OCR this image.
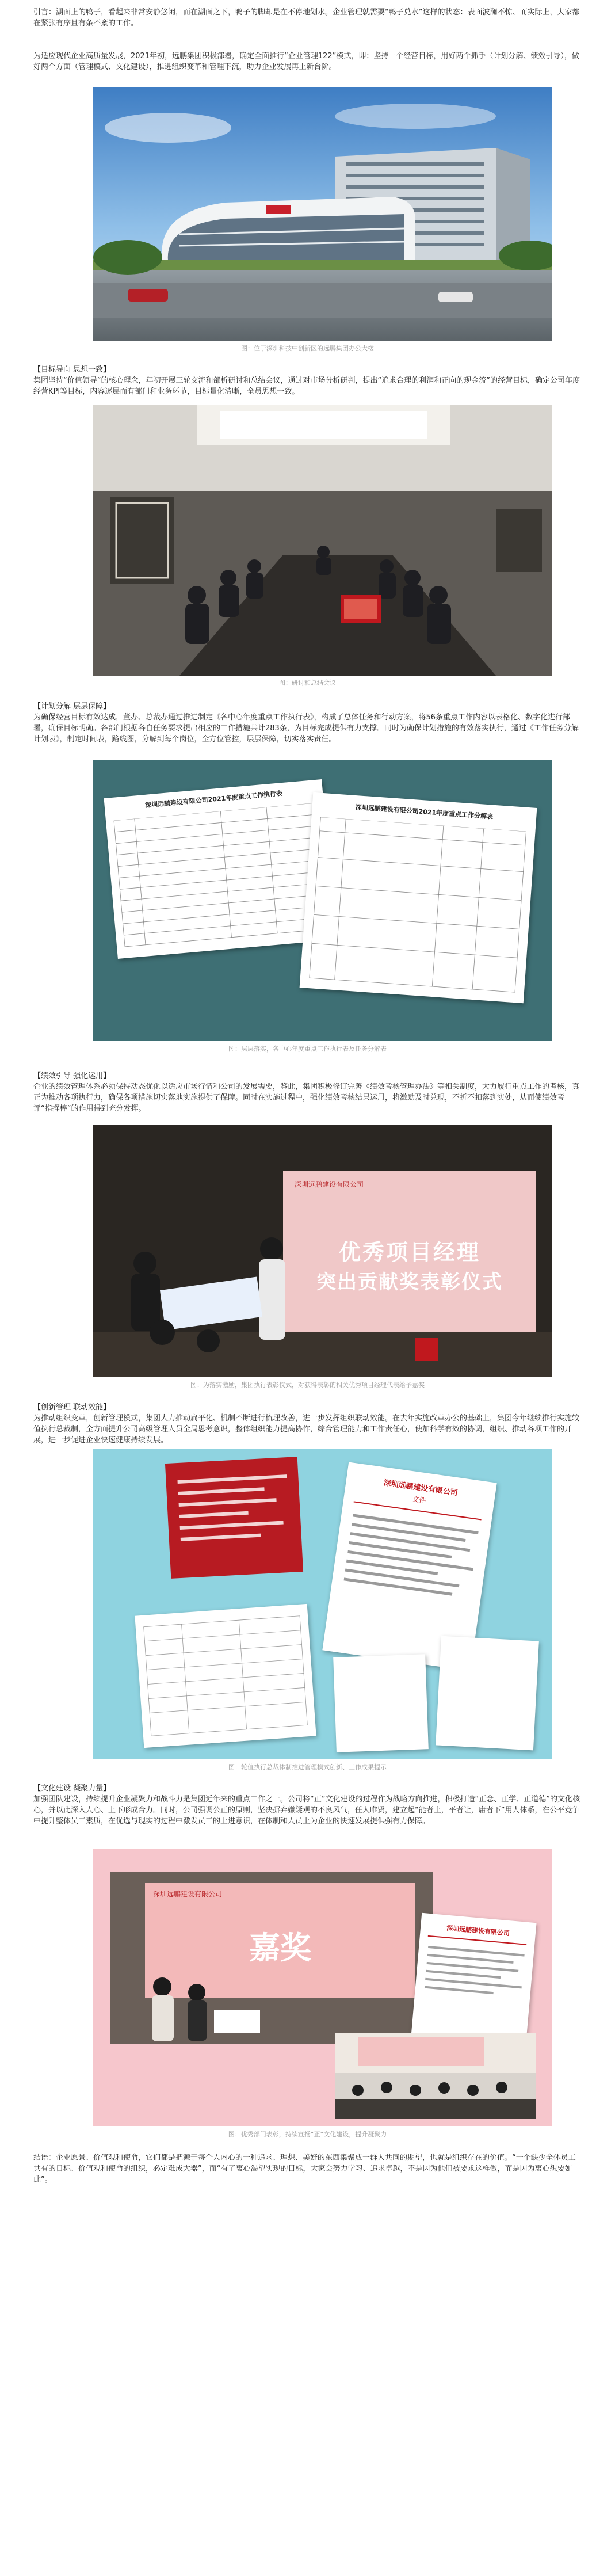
引言：湖面上的鸭子，看起来非常安静悠闲，而在湖面之下，鸭子的脚却是在不停地划水。企业管理就需要“鸭子兑水”这样的状态：表面波澜不惊、而实际上，大家都在紧张有序且有条不紊的工作。

为适应现代企业高质量发展，2021年初，远鹏集团积极部署，确定全面推行“企业管理122”模式，即：坚持一个经营目标，用好两个抓手（计划分解、绩效引导），做好两个方面（管理模式、文化建设），推进组织变革和管理下沉，助力企业发展再上新台阶。

图：位于深圳科技中创新区的远鹏集团办公大楼

【目标导向 思想一致】

集团坚持“价值领导”的核心理念，年初开展三轮交流和部析研讨和总结会议，通过对市场分析研判，提出“追求合理的利润和正向的现金流”的经营目标，确定公司年度经营KPI等目标，内容逐层而有部门和业务环节，目标量化清晰，全员思想一致。

图：研讨和总结会议

【计划分解 层层保障】

为确保经营目标有效达成，董办、总裁办通过推进制定《各中心年度重点工作执行表》，构成了总体任务和行动方案，将56条重点工作内容以表格化、数字化进行部署，确保目标明确。各部门根据各自任务要求提出相应的工作措施共计283条，为目标完成提供有力支撑。同时为确保计划措施的有效落实执行，通过《工作任务分解计划表》，制定时间表，路线图，分解到每个岗位，全方位管控，层层保障，切实落实责任。

深圳远鹏建设有限公司2021年度重点工作执行表
深圳远鹏建设有限公司2021年度重点工作分解表
图：层层落实，各中心年度重点工作执行表及任务分解表

【绩效引导 强化运用】

企业的绩效管理体系必须保持动态优化以适应市场行情和公司的发展需要，鉴此，集团积极修订完善《绩效考核管理办法》等相关制度，大力履行重点工作的考核，真正为推动各项执行力，确保各项措施切实落地实施提供了保障。同时在实施过程中，强化绩效考核结果运用，将激励及时兑现，不折不扣落到实处，从而使绩效考评“指挥棒”的作用得到充分发挥。

深圳远鹏建设有限公司
优秀项目经理
突出贡献奖表彰仪式
图：为落实激励，集团执行表彰仪式，对获得表彰的相关优秀项目经理代表给予嘉奖

【创新管理 联动效能】

为推动组织变革，创新管理模式，集团大力推动扁平化、机制不断进行梳理改善，进一步发挥组织联动效能。在去年实施改革办公的基础上，集团今年继续推行实施较值执行总裁制，全方面提升公司高级管理人员全局思考意识，整体组织能力提高协作，综合管理能力和工作责任心，使加科学有效的协调，组织、推动各项工作的开展，进一步促进企业快速健康持续发展。

深圳远鹏建设有限公司
文件
图：轮值执行总裁体制推进管理模式创新、工作成果提示

【文化建设 凝聚力量】

加强团队建设，持续提升企业凝聚力和战斗力是集团近年来的重点工作之一。公司将“正”文化建设的过程作为战略方向推进，积极打造“正念、正学、正道德”的文化核心，并以此深入人心、上下形成合力。同时，公司强调公正的原则，坚决摒弃嫌疑观的不良风气，任人唯贤，建立起“能者上，平者让，庸者下”用人体系，在公平竞争中提升整体员工素质，在优选与现实的过程中激发员工的上进意识，在体制和人员上为企业的快速发展提供强有力保障。

深圳远鹏建设有限公司
嘉奖	深圳远鹏建设有限公司
图：优秀部门表彰，持续宣扬“正”文化建设，提升凝聚力

结语：企业愿景、价值观和使命，它们都是把源于每个人内心的一种追求、理想、美好的东西集聚成一群人共同的期望，也就是组织存在的价值。“一个缺少全体员工共有的目标、价值观和使命的组织，必定难成大器”，而“有了衷心渴望实现的目标，大家会努力学习、追求卓越，不是因为他们被要求这样做，而是因为衷心想要如此”。
